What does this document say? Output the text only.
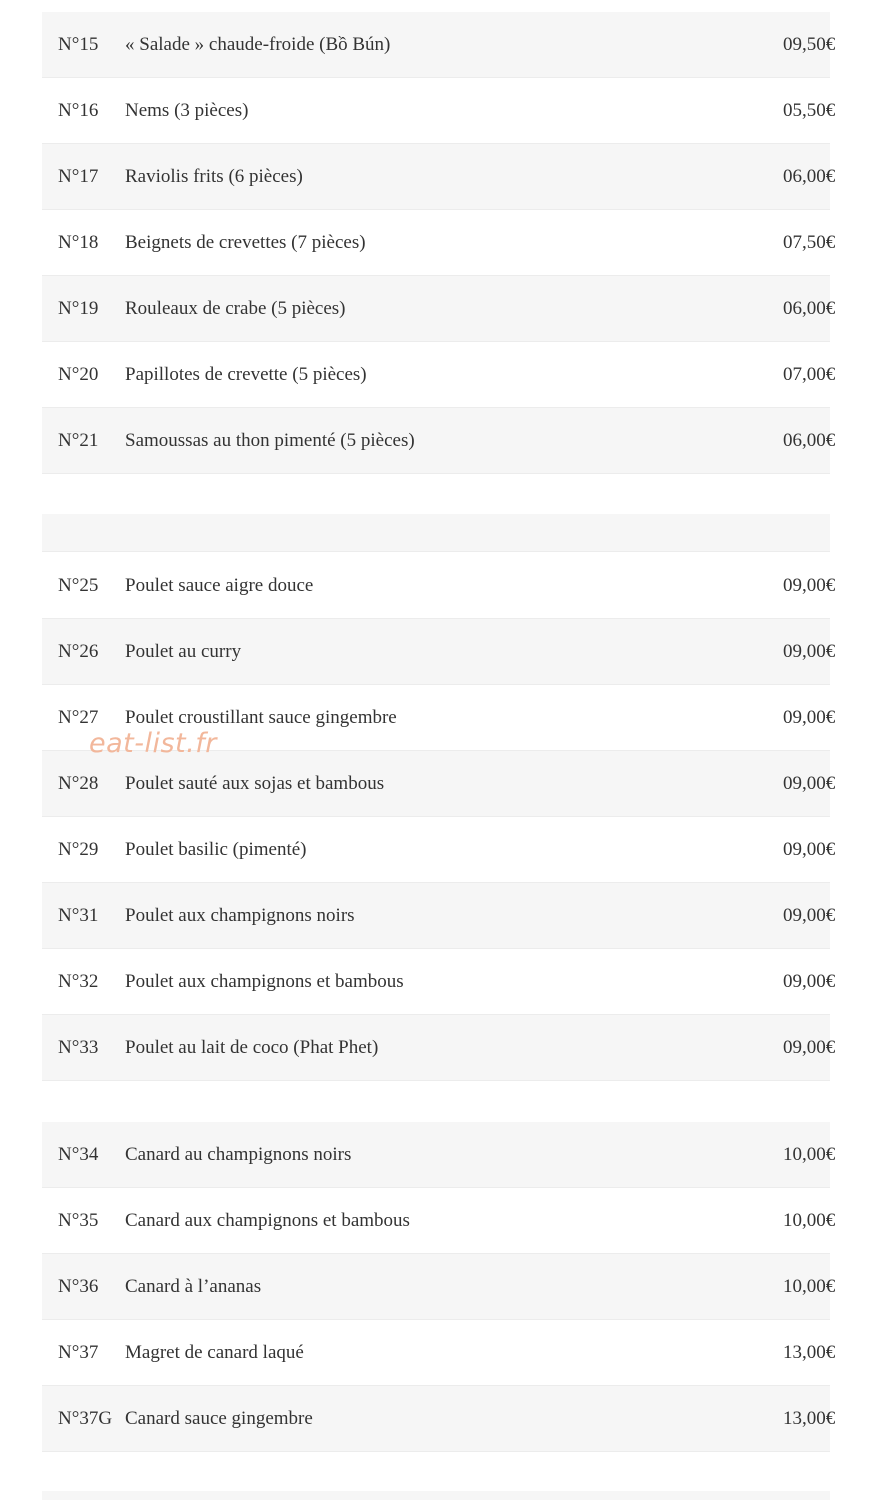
N°15 « Salade » chaude-froide (Bồ Bún)	09,50€
N°16 Nems (3 pièces)	05,50€
N°17 Raviolis frits (6 pièces)	06,00€
N°18 Beignets de crevettes (7 pièces)	07,50€
N°19 Rouleaux de crabe (5 pièces)	06,00€
N°20 Papillotes de crevette (5 pièces)	07,00€
N°21 Samoussas au thon pimenté (5 pièces)	06,00€
N°25 Poulet sauce aigre douce	09,00€
N°26 Poulet au curry	09,00€
N°27 Poulet croustillant sauce gingembre	09,00€
N°28 Poulet sauté aux sojas et bambous	09,00€
N°29 Poulet basilic (pimenté)	09,00€
N°31 Poulet aux champignons noirs	09,00€
N°32 Poulet aux champignons et bambous	09,00€
N°33 Poulet au lait de coco (Phat Phet)	09,00€
N°34 Canard au champignons noirs	10,00€
N°35 Canard aux champignons et bambous	10,00€
N°36 Canard à l’ananas	10,00€
N°37 Magret de canard laqué	13,00€
N°37G Canard sauce gingembre	13,00€
eat-list.fr
